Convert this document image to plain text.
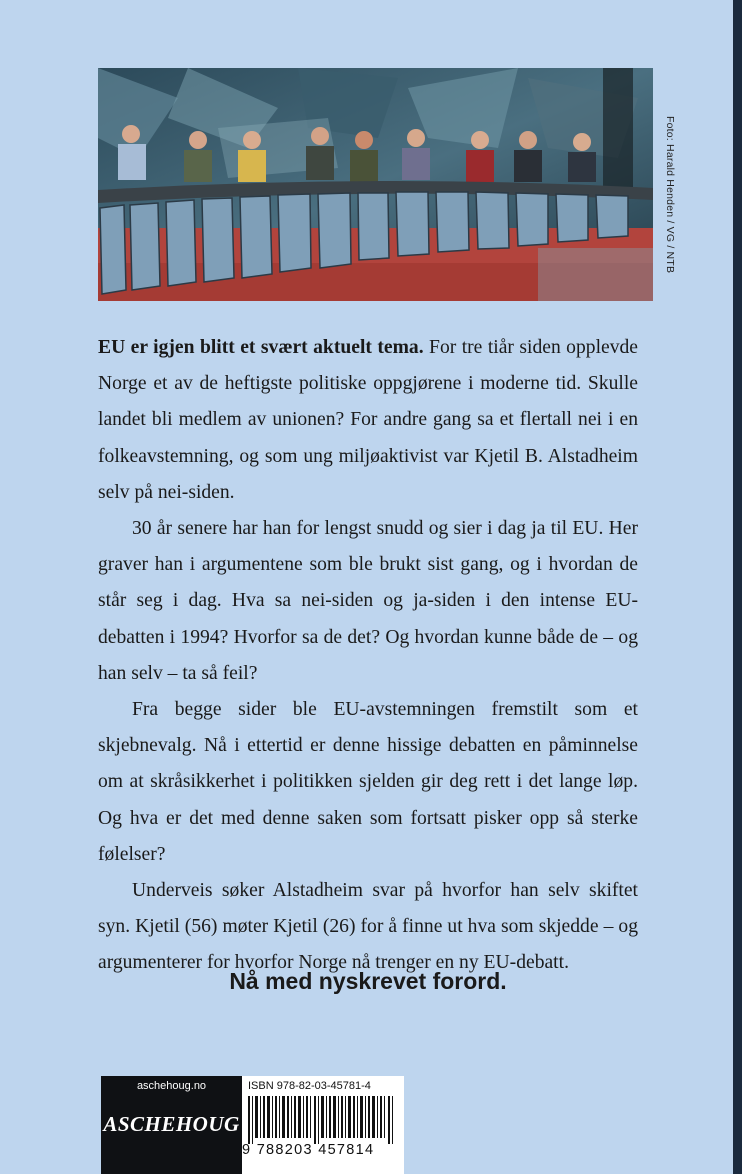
Foto: Harald Henden / VG / NTB

EU er igjen blitt et svært aktuelt tema. For tre tiår siden opplevde Norge et av de heftigste politiske oppgjørene i moderne tid. Skulle landet bli medlem av unionen? For andre gang sa et flertall nei i en folkeavstemning, og som ung miljøaktivist var Kjetil B. Alstadheim selv på nei-siden.

30 år senere har han for lengst snudd og sier i dag ja til EU. Her graver han i argumentene som ble brukt sist gang, og i hvordan de står seg i dag. Hva sa nei-siden og ja-siden i den intense EU-debatten i 1994? Hvorfor sa de det? Og hvordan kunne både de – og han selv – ta så feil?

Fra begge sider ble EU-avstemningen fremstilt som et skjebnevalg. Nå i ettertid er denne hissige debatten en påminnelse om at skråsikkerhet i politikken sjelden gir deg rett i det lange løp. Og hva er det med denne saken som fortsatt pisker opp så sterke følelser?

Underveis søker Alstadheim svar på hvorfor han selv skiftet syn. Kjetil (56) møter Kjetil (26) for å finne ut hva som skjedde – og argumenterer for hvorfor Norge nå trenger en ny EU-debatt.

Nå med nyskrevet forord.
aschehoug.no
ASCHEHOUG
ISBN 978-82-03-45781-4
9 788203 457814
